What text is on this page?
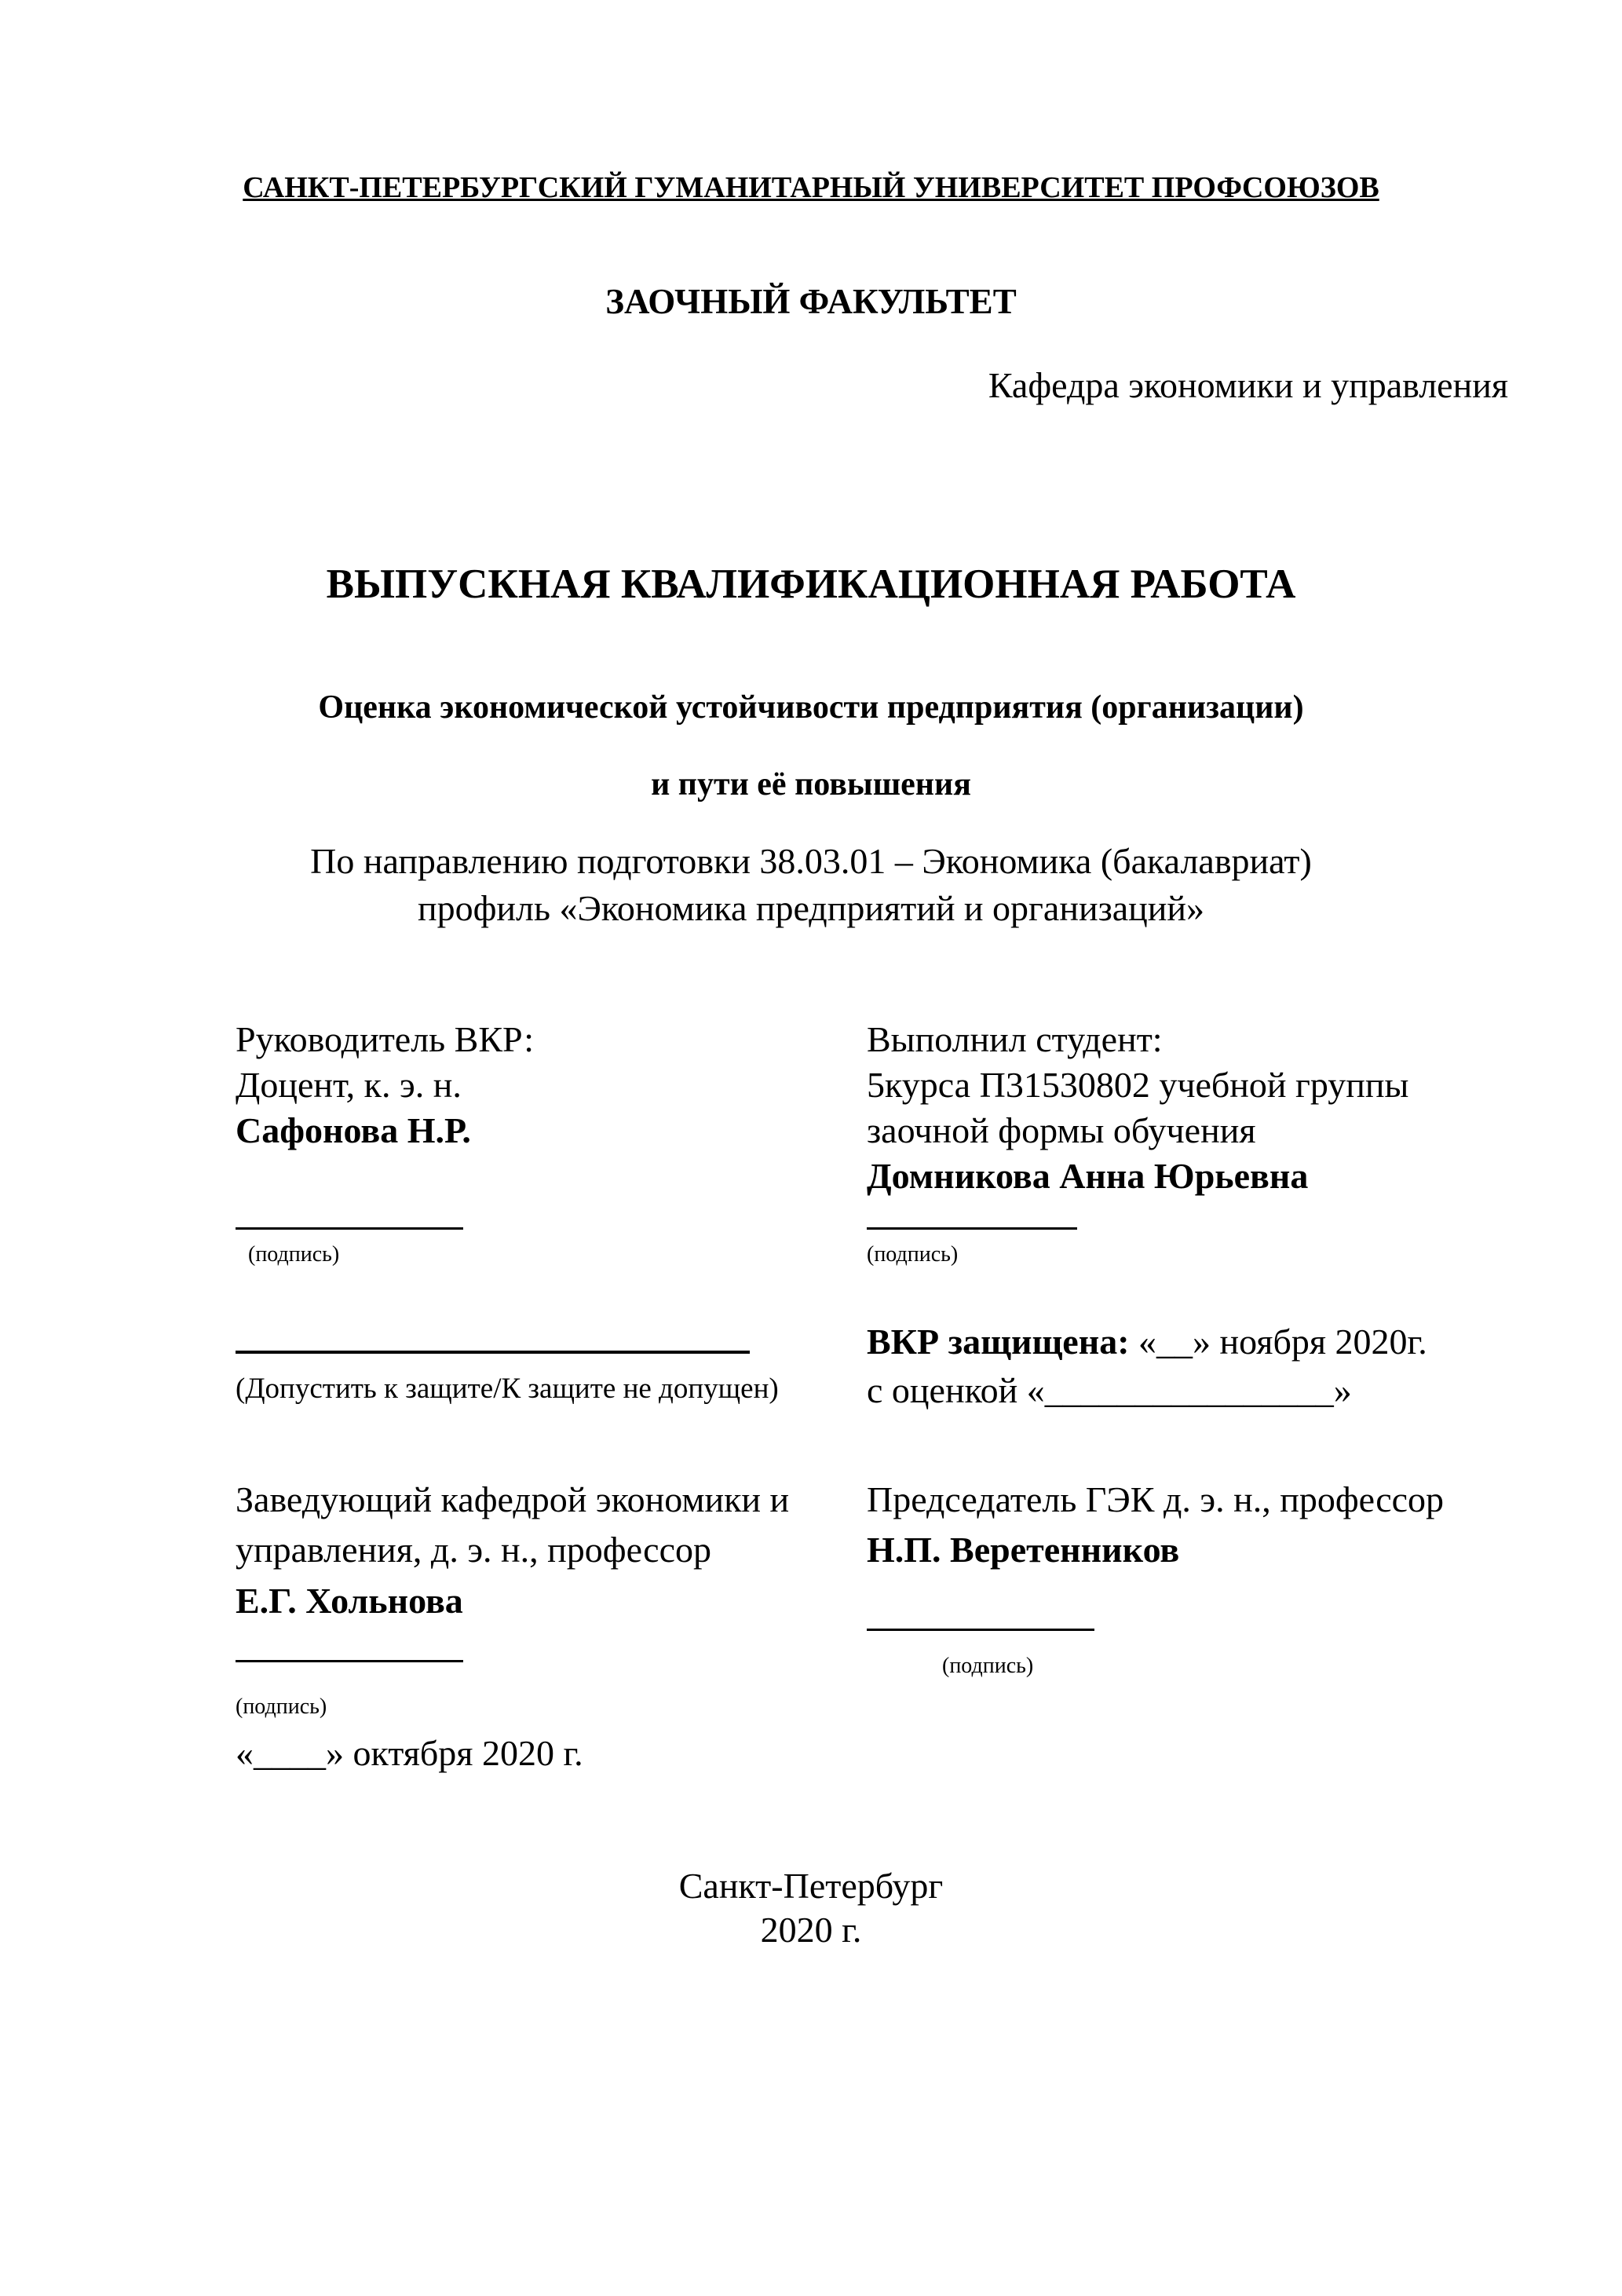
САНКТ-ПЕТЕРБУРГСКИЙ ГУМАНИТАРНЫЙ УНИВЕРСИТЕТ ПРОФСОЮЗОВ
ЗАОЧНЫЙ ФАКУЛЬТЕТ
Кафедра экономики и управления
ВЫПУСКНАЯ КВАЛИФИКАЦИОННАЯ РАБОТА
Оценка экономической устойчивости предприятия (организации)
и пути её повышения
По направлению подготовки 38.03.01 – Экономика (бакалавриат)
профиль «Экономика предприятий и организаций»
Руководитель ВКР:
Доцент, к. э. н.
Сафонова Н.Р.
(подпись)
(Допустить к защите/К защите не допущен)
Заведующий кафедрой экономики и
управления, д. э. н., профессор
Е.Г. Хольнова
(подпись)
«____» октября 2020 г.
Выполнил студент:
5курса П31530802 учебной группы
заочной формы обучения
Домникова Анна Юрьевна
(подпись)
ВКР защищена: «__» ноября 2020г.
с оценкой «________________»
Председатель ГЭК д. э. н., профессор
Н.П. Веретенников
(подпись)
Санкт-Петербург
2020 г.
